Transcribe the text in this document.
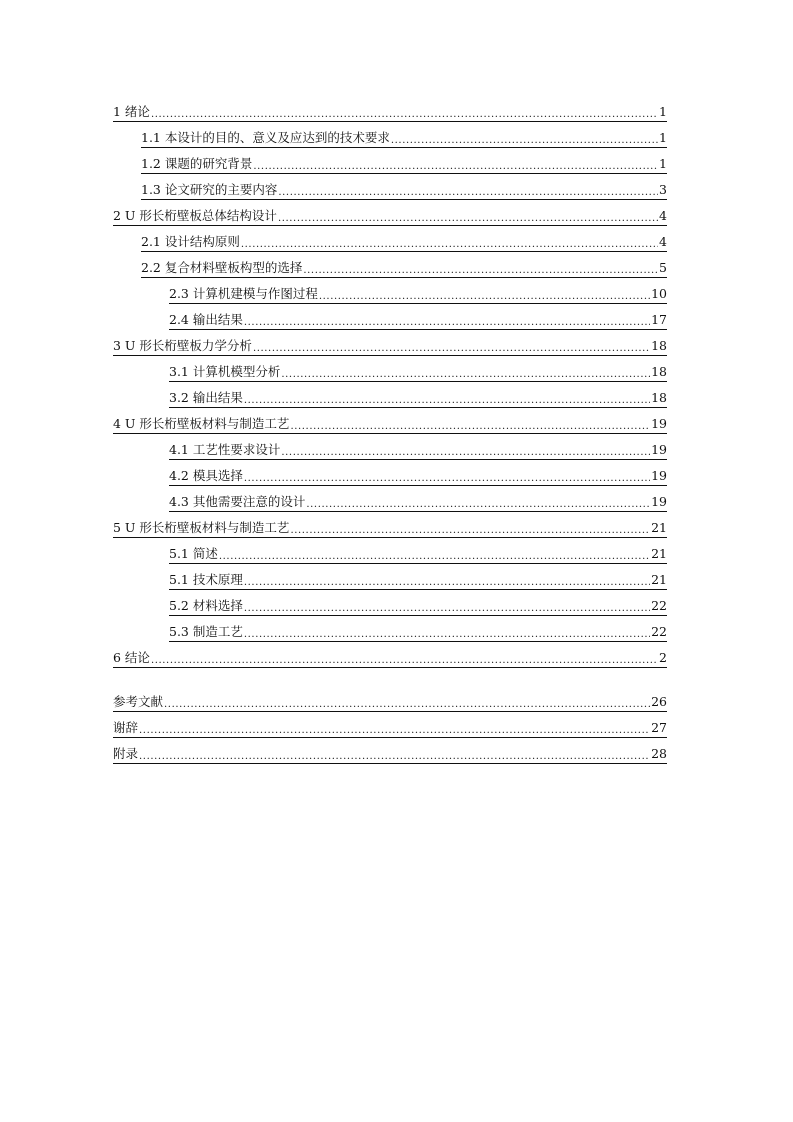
1 绪论 .....	1
1.1 本设计的目的、意义及应达到的技术要求 .....	1
1.2 课题的研究背景 .....	1
1.3 论文研究的主要内容 .....	3
2 U 形长桁壁板总体结构设计 .....	4
2.1 设计结构原则 .....	4
2.2 复合材料壁板构型的选择 .....	5
2.3 计算机建模与作图过程 .....	10
2.4 输出结果 .....	17
3 U 形长桁壁板力学分析 .....	18
3.1 计算机模型分析 .....	18
3.2 输出结果 .....	18
4 U 形长桁壁板材料与制造工艺 .....	19
4.1 工艺性要求设计 .....	19
4.2 模具选择 .....	19
4.3 其他需要注意的设计 .....	19
5 U 形长桁壁板材料与制造工艺 .....	21
5.1 简述 .....	21
5.1 技术原理 .....	21
5.2 材料选择 .....	22
5.3 制造工艺 .....	22
6 结论 .....	2
参考文献 .....	26
谢辞 .....	27
附录 .....	28
